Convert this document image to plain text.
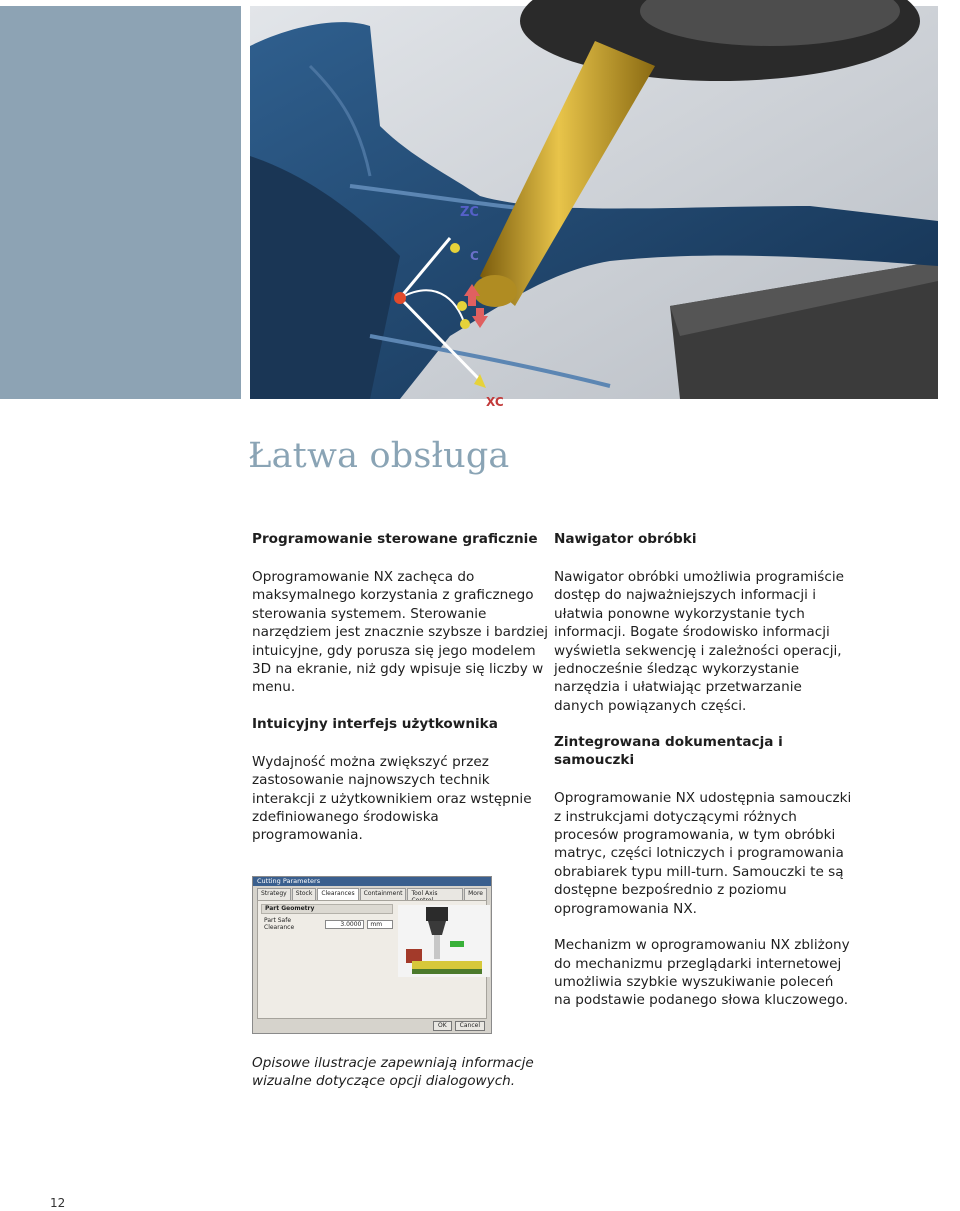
ZC
C
XC
Łatwa obsługa

Programowanie sterowane graficznie

Oprogramowanie NX zachęca do maksymalnego korzystania z graficznego sterowania systemem. Sterowanie narzędziem jest znacznie szybsze i bardziej intuicyjne, gdy porusza się jego modelem 3D na ekranie, niż gdy wpisuje się liczby w menu.

Intuicyjny interfejs użytkownika

Wydajność można zwiększyć przez zastosowanie najnowszych technik interakcji z użytkownikiem oraz wstępnie zdefiniowanego środowiska programowania.

Nawigator obróbki

Nawigator obróbki umożliwia programiście dostęp do najważniejszych informacji i ułatwia ponowne wykorzystanie tych informacji. Bogate środowisko informacji wyświetla sekwencję i zależności operacji, jednocześnie śledząc wykorzystanie narzędzia i ułatwiając przetwarzanie danych powiązanych części.

Zintegrowana dokumentacja i samouczki

Oprogramowanie NX udostępnia samouczki z instrukcjami dotyczącymi różnych procesów programowania, w tym obróbki matryc, części lotniczych i programowania obrabiarek typu mill-turn. Samouczki te są dostępne bezpośrednio z poziomu oprogramowania NX.

Mechanizm w oprogramowaniu NX zbliżony do mechanizmu przeglądarki internetowej umożliwia szybkie wyszukiwanie poleceń na podstawie podanego słowa kluczowego.

Cutting Parameters
Strategy	Stock	Clearances	Containment	Tool Axis	More
Part Geometry
Part Safe Clearance	3.0000	mm
OK	Cancel

Opisowe ilustracje zapewniają informacje wizualne dotyczące opcji dialogowych.

12
